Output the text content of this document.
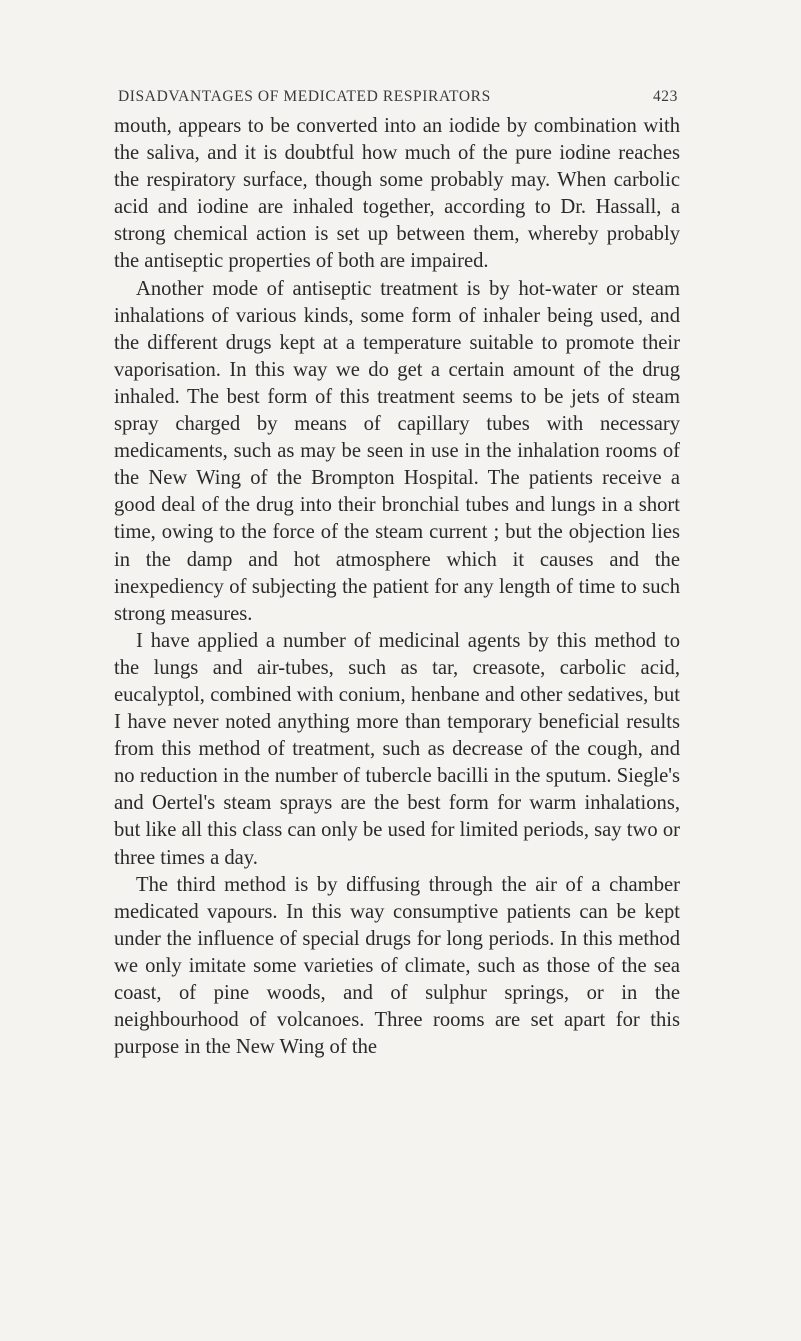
DISADVANTAGES OF MEDICATED RESPIRATORS	423

mouth, appears to be converted into an iodide by combination with the saliva, and it is doubtful how much of the pure iodine reaches the respiratory surface, though some probably may. When carbolic acid and iodine are inhaled together, according to Dr. Hassall, a strong chemical action is set up between them, whereby probably the antiseptic properties of both are impaired.

Another mode of antiseptic treatment is by hot-water or steam inhalations of various kinds, some form of inhaler being used, and the different drugs kept at a temperature suitable to promote their vaporisation. In this way we do get a certain amount of the drug inhaled. The best form of this treatment seems to be jets of steam spray charged by means of capillary tubes with necessary medicaments, such as may be seen in use in the inhalation rooms of the New Wing of the Brompton Hospital. The patients receive a good deal of the drug into their bronchial tubes and lungs in a short time, owing to the force of the steam current ; but the objection lies in the damp and hot atmosphere which it causes and the inexpediency of subjecting the patient for any length of time to such strong measures.

I have applied a number of medicinal agents by this method to the lungs and air-tubes, such as tar, creasote, carbolic acid, eucalyptol, combined with conium, henbane and other sedatives, but I have never noted anything more than temporary beneficial results from this method of treatment, such as decrease of the cough, and no reduction in the number of tubercle bacilli in the sputum. Siegle's and Oertel's steam sprays are the best form for warm inhalations, but like all this class can only be used for limited periods, say two or three times a day.

The third method is by diffusing through the air of a chamber medicated vapours. In this way consumptive patients can be kept under the influence of special drugs for long periods. In this method we only imitate some varieties of climate, such as those of the sea coast, of pine woods, and of sulphur springs, or in the neighbourhood of volcanoes. Three rooms are set apart for this purpose in the New Wing of the
